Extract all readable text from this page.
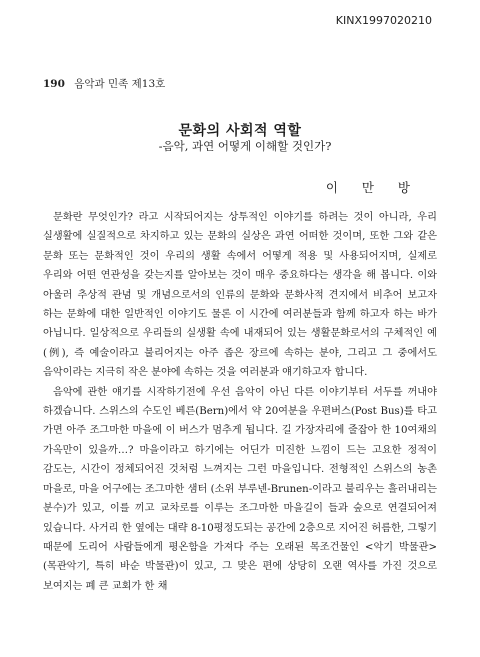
KINX1997020210
190 음악과 민족 제13호
문화의 사회적 역할
-음악, 과연 어떻게 이해할 것인가?
이 만 방

문화란 무엇인가? 라고 시작되어지는 상투적인 이야기를 하려는 것이 아니라, 우리 실생활에 실질적으로 차지하고 있는 문화의 실상은 과연 어떠한 것이며, 또한 그와 같은 문화 또는 문화적인 것이 우리의 생활 속에서 어떻게 적용 및 사용되어지며, 실제로 우리와 어떤 연관성을 갖는지를 알아보는 것이 매우 중요하다는 생각을 해 봅니다. 이와 아울러 추상적 관념 및 개념으로서의 인류의 문화와 문화사적 견지에서 비추어 보고자 하는 문화에 대한 일반적인 이야기도 물론 이 시간에 여러분들과 함께 하고자 하는 바가 아닙니다. 일상적으로 우리들의 실생활 속에 내재되어 있는 생활문화로서의 구체적인 예(例), 즉 예술이라고 불리어지는 아주 좁은 장르에 속하는 분야, 그리고 그 중에서도 음악이라는 지극히 작은 분야에 속하는 것을 여러분과 얘기하고자 합니다.

음악에 관한 얘기를 시작하기전에 우선 음악이 아닌 다른 이야기부터 서두를 꺼내야 하겠습니다. 스위스의 수도인 베른(Bern)에서 약 20여분을 우편버스(Post Bus)를 타고 가면 아주 조그마한 마을에 이 버스가 멈추게 됩니다. 길 가장자리에 줄잡아 한 10여채의 가옥만이 있을까…? 마을이라고 하기에는 어딘가 미진한 느낌이 드는 고요한 정적이 감도는, 시간이 정체되어진 것처럼 느껴지는 그런 마을입니다. 전형적인 스위스의 농촌 마을로, 마을 어구에는 조그마한 샘터 (소위 부루넨-Brunen-이라고 불리우는 흘러내리는 분수)가 있고, 이를 끼고 교차로를 이루는 조그마한 마을길이 들과 숲으로 연결되어져 있습니다. 사거리 한 옆에는 대략 8-10평정도되는 공간에 2층으로 지어진 허름한, 그렇기 때문에 도리어 사람들에게 평온함을 가져다 주는 오래된 목조건물인 <악기 박물관>(목관악기, 특히 바순 박물관)이 있고, 그 맞은 편에 상당히 오랜 역사를 가진 것으로 보여지는 폐 큰 교회가 한 채
